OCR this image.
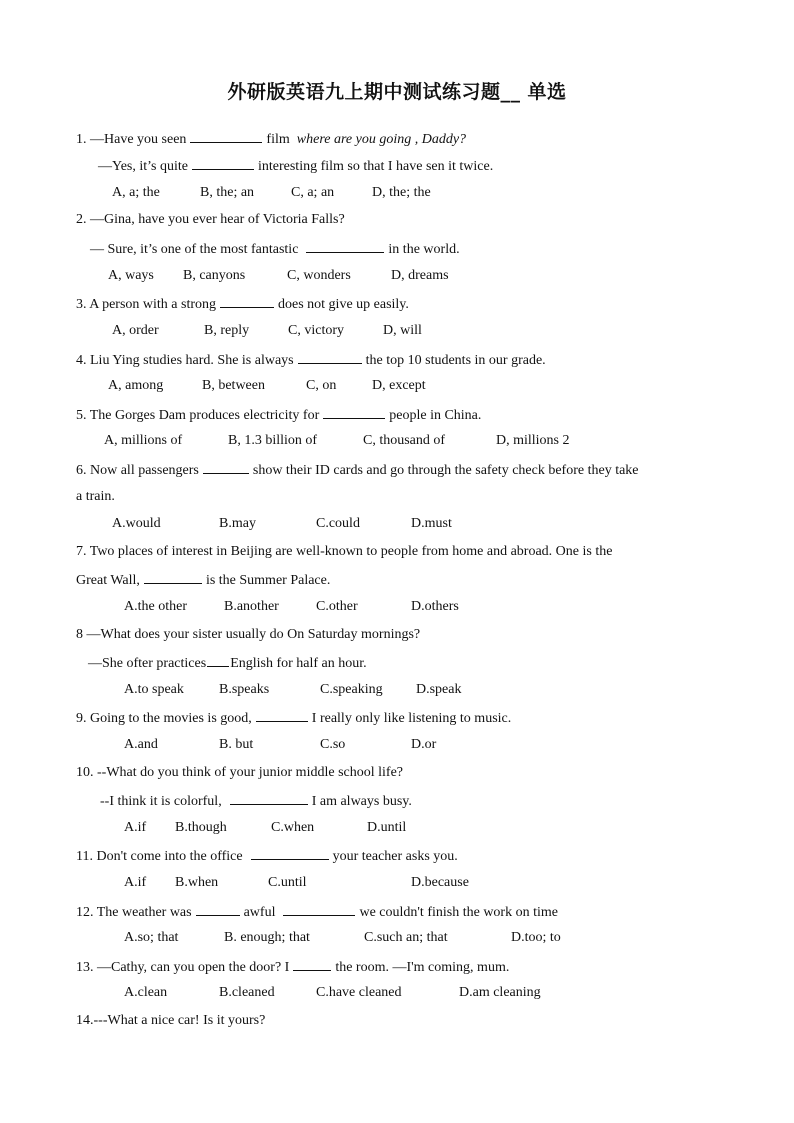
外研版英语九上期中测试练习题__ 单选
1. —Have you seen	film where are you going , Daddy?
—Yes, it’s quite	interesting film so that I have sen it twice.
A, a; the	B, the; an	C, a; an	D, the; the
2. —Gina, have you ever hear of Victoria Falls?
— Sure, it’s one of the most fantastic	in the world.
A, ways B, canyons	C, wonders	D, dreams
3. A person with a strong	does not give up easily.
A, order	B, reply	C, victory	D, will
4. Liu Ying studies hard. She is always	the top 10 students in our grade.
A, among	B, between	C, on	D, except
5. The Gorges Dam produces electricity for	people in China.
A, millions of	B, 1.3 billion of	C, thousand of	D, millions 2
6. Now all passengers	show their ID cards and go through the safety check before they take
a train.
A.would	B.may	C.could	D.must
7. Two places of interest in Beijing are well-known to people from home and abroad. One is the
Great Wall,	is the Summer Palace.
A.the other	B.another	C.other	D.others
8 —What does your sister usually do On Saturday mornings?
—She ofter practices English for half an hour.
A.to speak	B.speaks	C.speaking D.speak
9. Going to the movies is good,	I really only like listening to music.
A.and	B. but	C.so	D.or
10. --What do you think of your junior middle school life?
--I think it is colorful,	I am always busy.
A.if B.though	C.when	D.until
11. Don't come into the office	your teacher asks you.
A.if B.when	C.until	D.because
12. The weather was	awful	we couldn't finish the work on time
A.so; that	B. enough; that	C.such an; that	D.too; to
13. —Cathy, can you open the door? I	the room. —I'm coming, mum.
A.clean	B.cleaned	C.have cleaned	D.am cleaning
14.---What a nice car! Is it yours?
